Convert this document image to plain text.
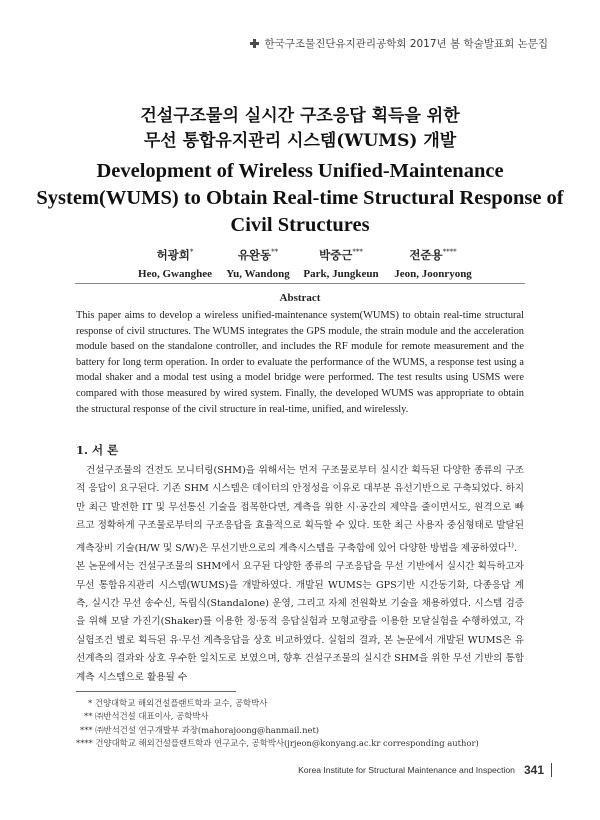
한국구조물진단유지관리공학회 2017년 봄 학술발표회 논문집
건설구조물의 실시간 구조응답 획득을 위한
무선 통합유지관리 시스템(WUMS) 개발
Development of Wireless Unified-Maintenance
System(WUMS) to Obtain Real-time Structural Response of
Civil Structures
허광희*
Heo, Gwanghee
유완동**
Yu, Wandong
박중근***
Park, Jungkeun
전준용****
Jeon, Joonryong
Abstract
This paper aims to develop a wireless unified-maintenance system(WUMS) to obtain real-time structural response of civil structures. The WUMS integrates the GPS module, the strain module and the acceleration module based on the standalone controller, and includes the RF module for remote measurement and the battery for long term operation. In order to evaluate the performance of the WUMS, a response test using a modal shaker and a modal test using a model bridge were performed. The test results using USMS were compared with those measured by wired system. Finally, the developed WUMS was appropriate to obtain the structural response of the civil structure in real-time, unified, and wirelessly.
1. 서 론

건설구조물의 건전도 모니터링(SHM)을 위해서는 먼저 구조물로부터 실시간 획득된 다양한 종류의 구조적 응답이 요구된다. 기존 SHM 시스템은 데이터의 안정성을 이유로 대부분 유선기반으로 구축되었다. 하지만 최근 발전한 IT 및 무선통신 기술을 접목한다면, 계측을 위한 시·공간의 제약을 줄이면서도, 원격으로 빠르고 정확하게 구조물로부터의 구조응답을 효율적으로 획득할 수 있다. 또한 최근 사용자 중심형태로 발달된 계측장비 기술(H/W 및 S/W)은 무선기반으로의 계측시스템을 구축함에 있어 다양한 방법을 제공하였다$^{1)}$.

본 논문에서는 건설구조물의 SHM에서 요구된 다양한 종류의 구조응답을 무선 기반에서 실시간 획득하고자 무선 통합유지관리 시스템(WUMS)을 개발하였다. 개발된 WUMS는 GPS기반 시간동기화, 다종응답 계측, 실시간 무선 송수신, 독립식(Standalone) 운영, 그리고 자체 전원확보 기술을 채용하였다. 시스템 검증을 위해 모달 가진기(Shaker)를 이용한 정·동적 응답실험과 모형교량을 이용한 모달실험을 수행하였고, 각 실험조건 별로 획득된 유·무선 계측응답을 상호 비교하였다. 실험의 결과, 본 논문에서 개발된 WUMS은 유선계측의 결과와 상호 우수한 일치도로 보였으며, 향후 건설구조물의 실시간 SHM을 위한 무선 기반의 통합계측 시스템으로 활용될 수

* 건양대학교 해외건설플랜트학과 교수, 공학박사
** ㈜반석건설 대표이사, 공학박사
*** ㈜반석건설 연구개발부 과장(mahorajoong@hanmail.net)
**** 건양대학교 해외건설플랜트학과 연구교수, 공학박사(jrjeon@konyang.ac.kr corresponding author)
Korea Institute for Structural Maintenance and Inspection 341
